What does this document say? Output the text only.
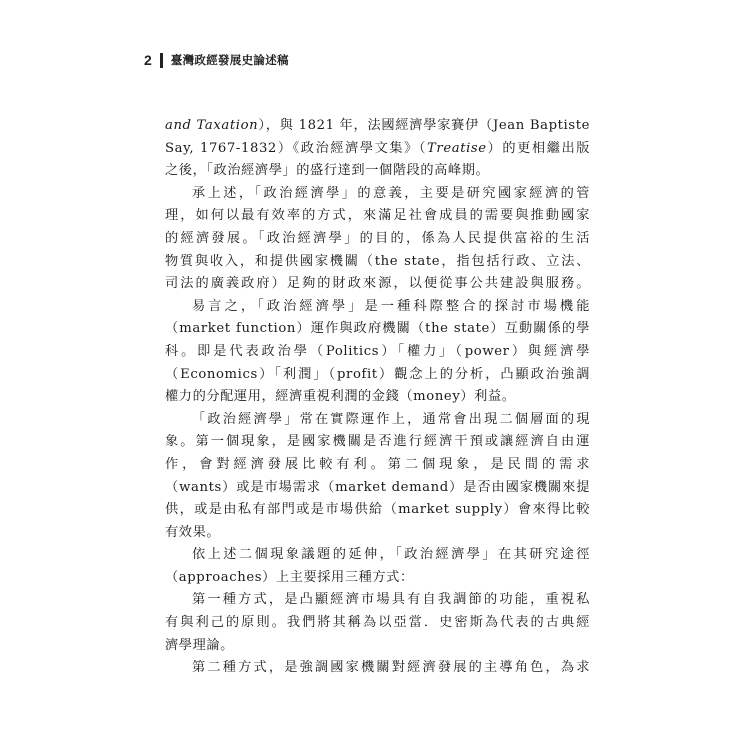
2 臺灣政經發展史論述稿
and Taxation），與 1821 年，法國經濟學家賽伊（Jean Baptiste
Say, 1767-1832）《政治經濟學文集》（Treatise）的更相繼出版
之後，「政治經濟學」的盛行達到一個階段的高峰期。
承上述，「政治經濟學」的意義，主要是研究國家經濟的管
理，如何以最有效率的方式，來滿足社會成員的需要與推動國家
的經濟發展。「政治經濟學」的目的，係為人民提供富裕的生活
物質與收入，和提供國家機關（the state，指包括行政、立法、
司法的廣義政府）足夠的財政來源，以便從事公共建設與服務。
易言之，「政治經濟學」是一種科際整合的探討市場機能
（market function）運作與政府機關（the state）互動關係的學
科。即是代表政治學（Politics）「權力」（power）與經濟學
（Economics）「利潤」（profit）觀念上的分析，凸顯政治強調
權力的分配運用，經濟重視利潤的金錢（money）利益。
「政治經濟學」常在實際運作上，通常會出現二個層面的現
象。第一個現象，是國家機關是否進行經濟干預或讓經濟自由運
作，會對經濟發展比較有利。第二個現象，是民間的需求
（wants）或是市場需求（market demand）是否由國家機關來提
供，或是由私有部門或是市場供給（market supply）會來得比較
有效果。
依上述二個現象議題的延伸，「政治經濟學」在其研究途徑
（approaches）上主要採用三種方式：
第一種方式，是凸顯經濟市場具有自我調節的功能，重視私
有與利己的原則。我們將其稱為以亞當．史密斯為代表的古典經
濟學理論。
第二種方式，是強調國家機關對經濟發展的主導角色，為求
